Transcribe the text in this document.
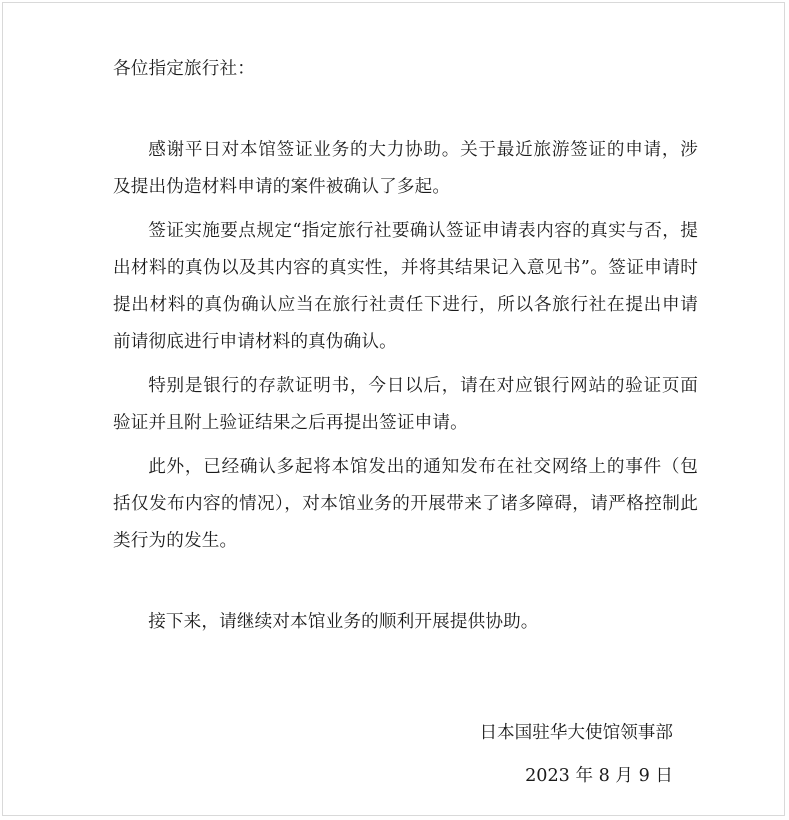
各位指定旅行社：

感谢平日对本馆签证业务的大力协助。关于最近旅游签证的申请，涉及提出伪造材料申请的案件被确认了多起。

签证实施要点规定“指定旅行社要确认签证申请表内容的真实与否，提出材料的真伪以及其内容的真实性，并将其结果记入意见书”。签证申请时提出材料的真伪确认应当在旅行社责任下进行，所以各旅行社在提出申请前请彻底进行申请材料的真伪确认。

特别是银行的存款证明书，今日以后，请在对应银行网站的验证页面验证并且附上验证结果之后再提出签证申请。

此外，已经确认多起将本馆发出的通知发布在社交网络上的事件（包括仅发布内容的情况），对本馆业务的开展带来了诸多障碍，请严格控制此类行为的发生。

接下来，请继续对本馆业务的顺利开展提供协助。

日本国驻华大使馆领事部
2023 年 8 月 9 日
